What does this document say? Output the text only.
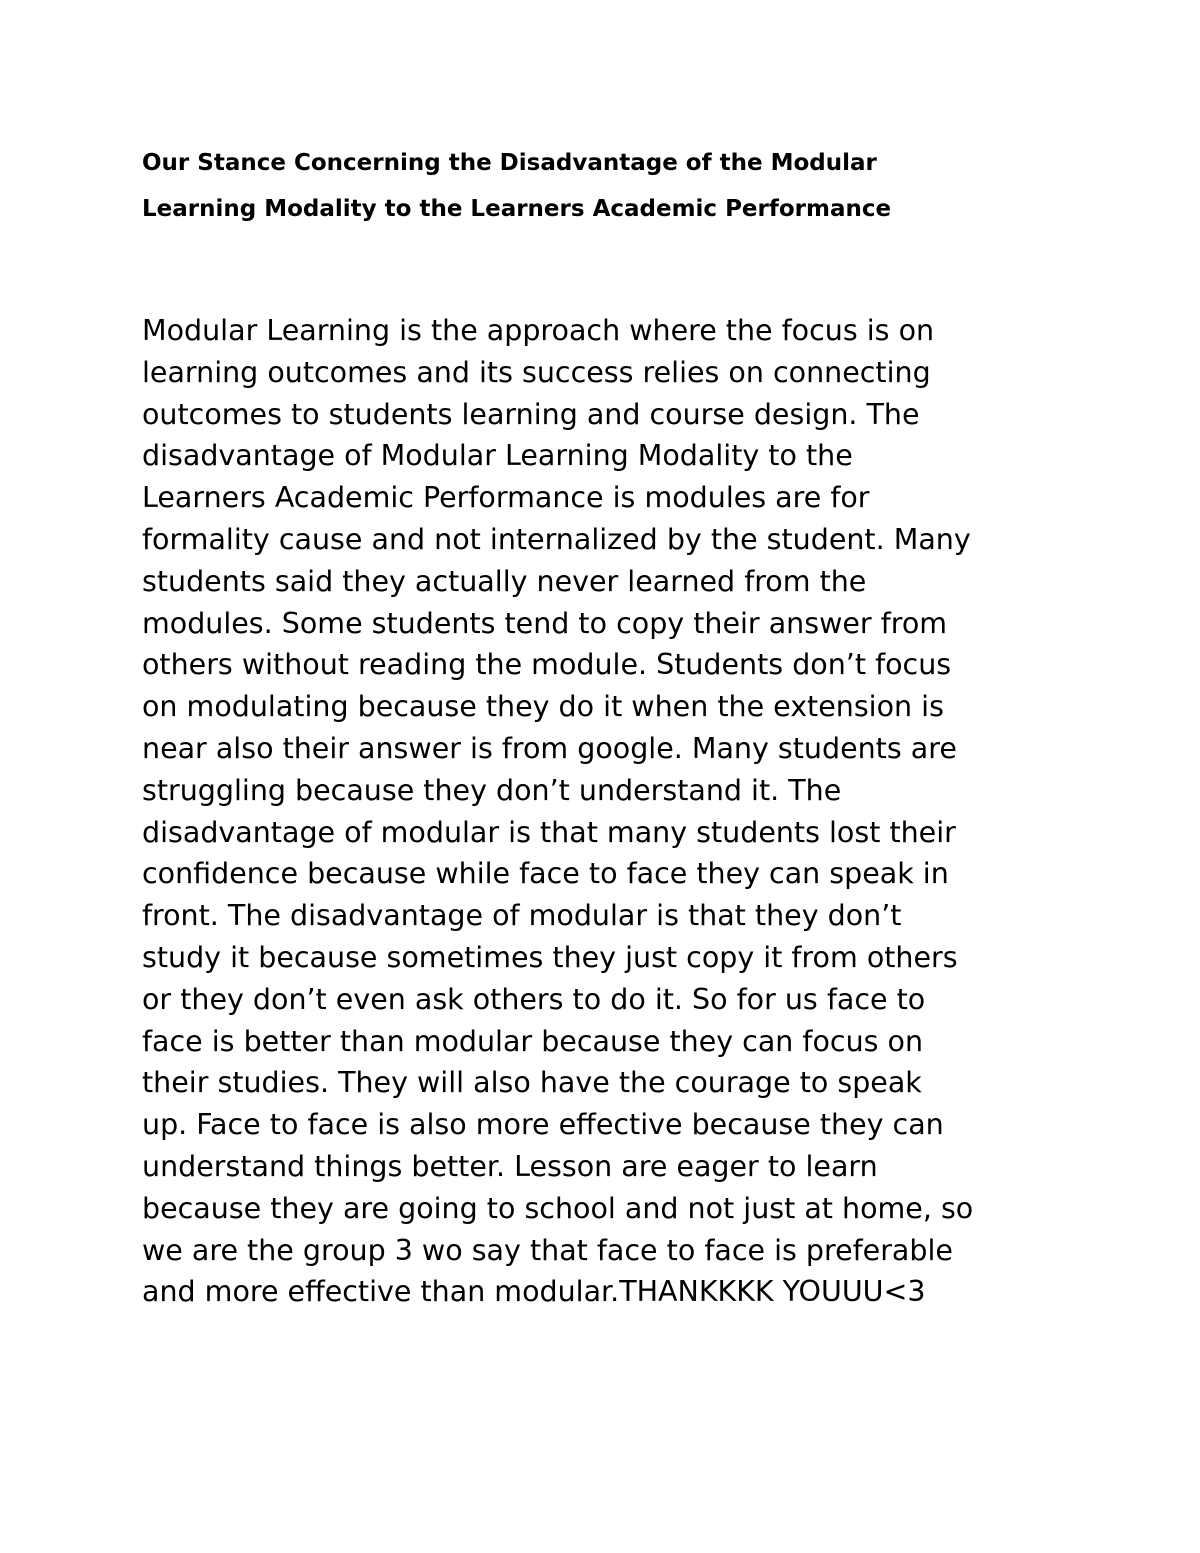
Our Stance Concerning the Disadvantage of the Modular
Learning Modality to the Learners Academic Performance
Modular Learning is the approach where the focus is on
learning outcomes and its success relies on connecting
outcomes to students learning and course design. The
disadvantage of Modular Learning Modality to the
Learners Academic Performance is modules are for
formality cause and not internalized by the student. Many
students said they actually never learned from the
modules. Some students tend to copy their answer from
others without reading the module. Students don’t focus
on modulating because they do it when the extension is
near also their answer is from google. Many students are
struggling because they don’t understand it. The
disadvantage of modular is that many students lost their
confidence because while face to face they can speak in
front. The disadvantage of modular is that they don’t
study it because sometimes they just copy it from others
or they don’t even ask others to do it. So for us face to
face is better than modular because they can focus on
their studies. They will also have the courage to speak
up. Face to face is also more effective because they can
understand things better. Lesson are eager to learn
because they are going to school and not just at home, so
we are the group 3 wo say that face to face is preferable
and more effective than modular.THANKKKK YOUUU<3
